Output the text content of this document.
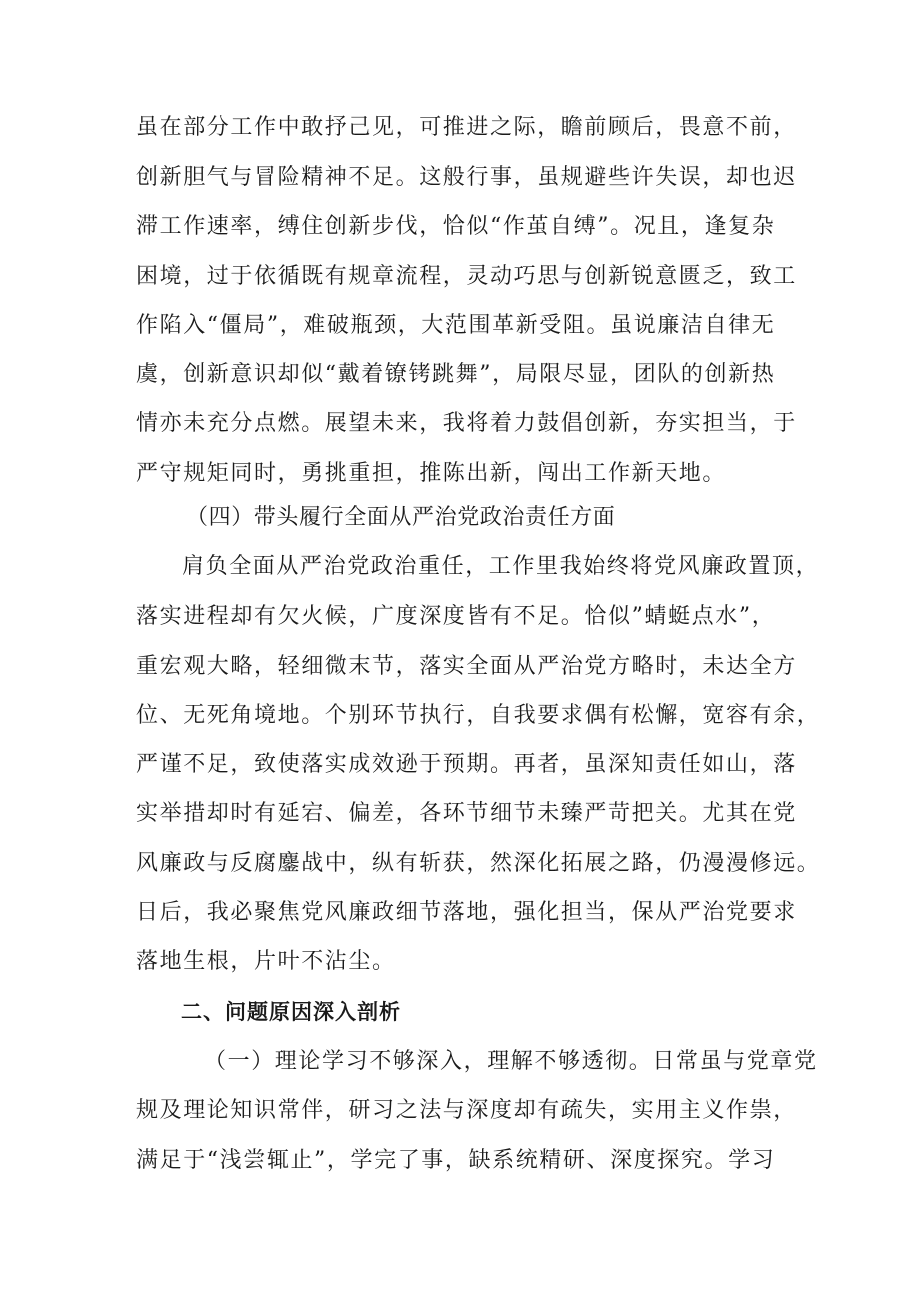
虽在部分工作中敢抒己见，可推进之际，瞻前顾后，畏意不前，
创新胆气与冒险精神不足。这般行事，虽规避些许失误，却也迟
滞工作速率，缚住创新步伐，恰似“作茧自缚”。况且，逢复杂
困境，过于依循既有规章流程，灵动巧思与创新锐意匮乏，致工
作陷入“僵局”，难破瓶颈，大范围革新受阻。虽说廉洁自律无
虞，创新意识却似“戴着镣铐跳舞”，局限尽显，团队的创新热
情亦未充分点燃。展望未来，我将着力鼓倡创新，夯实担当，于
严守规矩同时，勇挑重担，推陈出新，闯出工作新天地。
（四）带头履行全面从严治党政治责任方面
肩负全面从严治党政治重任，工作里我始终将党风廉政置顶，
落实进程却有欠火候，广度深度皆有不足。恰似”蜻蜓点水”，
重宏观大略，轻细微末节，落实全面从严治党方略时，未达全方
位、无死角境地。个别环节执行，自我要求偶有松懈，宽容有余，
严谨不足，致使落实成效逊于预期。再者，虽深知责任如山，落
实举措却时有延宕、偏差，各环节细节未臻严苛把关。尤其在党
风廉政与反腐鏖战中，纵有斩获，然深化拓展之路，仍漫漫修远。
日后，我必聚焦党风廉政细节落地，强化担当，保从严治党要求
落地生根，片叶不沾尘。
二、问题原因深入剖析
（一）理论学习不够深入，理解不够透彻。日常虽与党章党
规及理论知识常伴，研习之法与深度却有疏失，实用主义作祟，
满足于“浅尝辄止”，学完了事，缺系统精研、深度探究。学习
